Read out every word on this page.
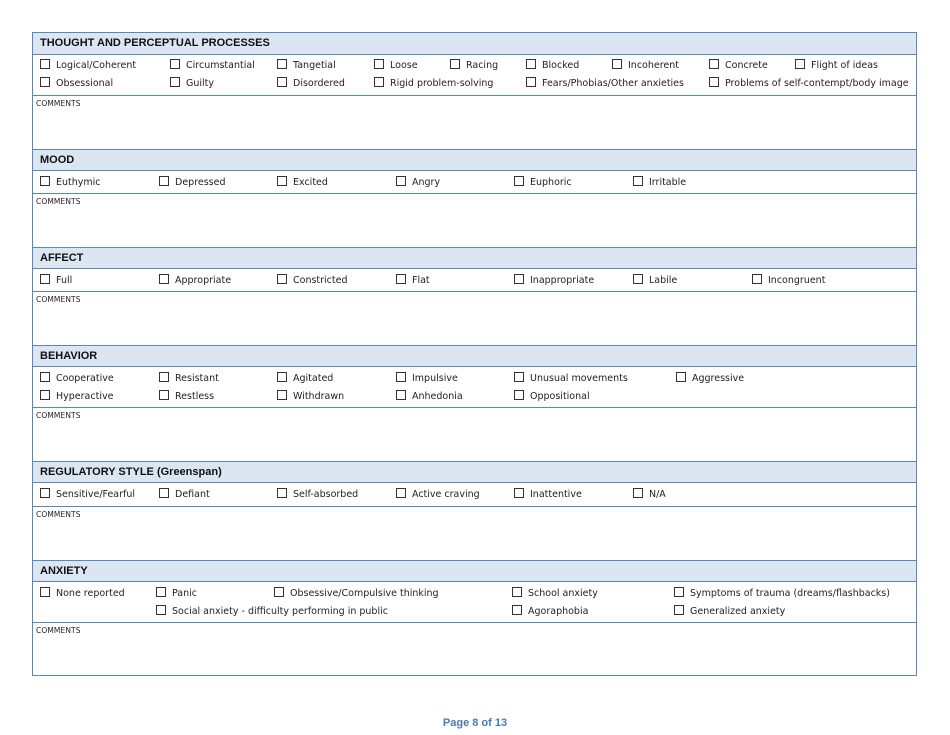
THOUGHT AND PERCEPTUAL PROCESSES
Logical/Coherent	Circumstantial	Tangetial	Loose	Racing	Blocked	Incoherent	Concrete	Flight of ideas
Obsessional	Guilty	Disordered	Rigid problem-solving	Fears/Phobias/Other anxieties	Problems of self-contempt/body image
COMMENTS
MOOD
Euthymic	Depressed	Excited	Angry	Euphoric	Irritable
COMMENTS
AFFECT
Full	Appropriate	Constricted	Flat	Inappropriate	Labile	Incongruent
COMMENTS
BEHAVIOR
Cooperative	Resistant	Agitated	Impulsive	Unusual movements	Aggressive
Hyperactive	Restless	Withdrawn	Anhedonia	Oppositional
COMMENTS
REGULATORY STYLE (Greenspan)
Sensitive/Fearful	Defiant	Self-absorbed	Active craving	Inattentive	N/A
COMMENTS
ANXIETY
None reported	Panic	Obsessive/Compulsive thinking	School anxiety	Symptoms of trauma (dreams/flashbacks)
Social anxiety - difficulty performing in public	Agoraphobia	Generalized anxiety
COMMENTS
Page 8 of 13
